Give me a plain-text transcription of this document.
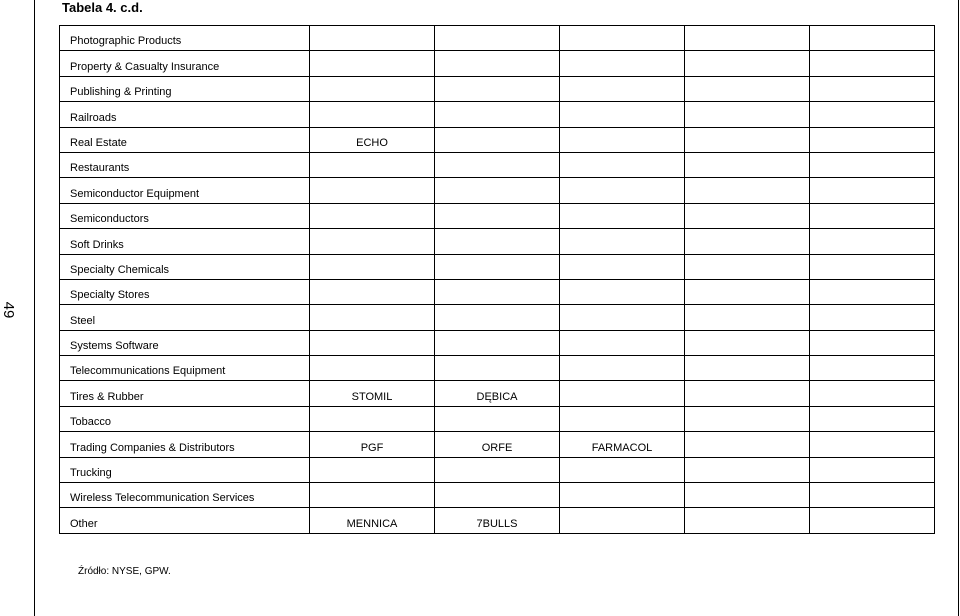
49
Tabela 4. c.d.
Photographic Products					
Property & Casualty Insurance					
Publishing & Printing					
Railroads					
Real Estate	ECHO				
Restaurants					
Semiconductor Equipment					
Semiconductors					
Soft Drinks					
Specialty Chemicals					
Specialty Stores					
Steel					
Systems Software					
Telecommunications Equipment					
Tires & Rubber	STOMIL	DĘBICA			
Tobacco					
Trading Companies & Distributors	PGF	ORFE	FARMACOL		
Trucking					
Wireless Telecommunication Services					
Other	MENNICA	7BULLS			
Źródło: NYSE, GPW.
